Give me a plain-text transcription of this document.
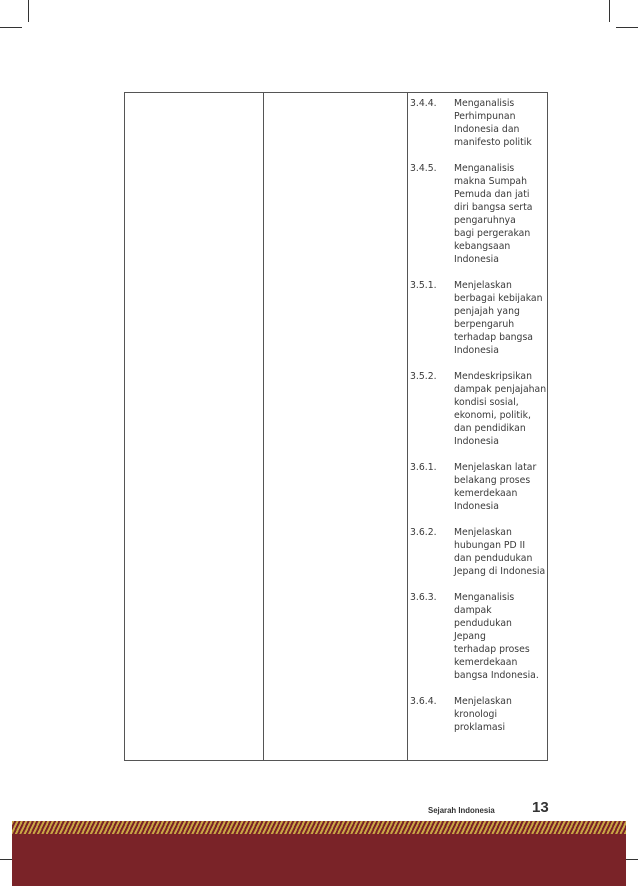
3.4.4.	Menganalisis
Perhimpunan
Indonesia dan
manifesto politik
3.4.5.	Menganalisis
makna Sumpah
Pemuda dan jati
diri bangsa serta
pengaruhnya
bagi pergerakan
kebangsaan
Indonesia
3.5.1.	Menjelaskan
berbagai kebijakan
penjajah yang
berpengaruh
terhadap bangsa
Indonesia
3.5.2.	Mendeskripsikan
dampak penjajahan
kondisi sosial,
ekonomi, politik,
dan pendidikan
Indonesia
3.6.1.	Menjelaskan latar
belakang proses
kemerdekaan
Indonesia
3.6.2.	Menjelaskan
hubungan PD II
dan pendudukan
Jepang di Indonesia
3.6.3.	Menganalisis
dampak
pendudukan
Jepang
terhadap proses
kemerdekaan
bangsa Indonesia.
3.6.4.	Menjelaskan
kronologi
proklamasi
Sejarah Indonesia 13
